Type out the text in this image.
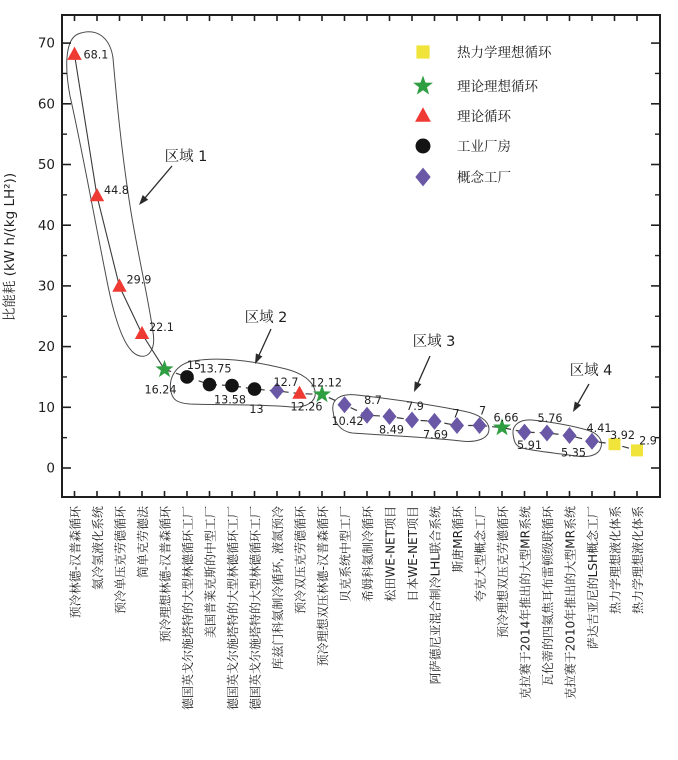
预冷林德-汉普森循环 氦冷氢液化系统 预冷单压克劳德循环 简单克劳德法 预冷理想林德-汉普森循环 德国英戈尔施塔特的大型林德循环工厂 美国普莱克斯的中型工厂 德国英戈尔施塔特的大型林德循环工厂 德国英戈尔施塔特的大型林德循环工厂 库兹门科氦制冷循环, 液氮预冷 预冷双压克劳德循环 预冷理想双压林德-汉普森循环 贝克系统中型工厂 希姆科氦制冷循环 松田WE-NET项目 日本WE-NET项目 阿萨德尼亚混合制冷LHL联合系统 斯唐MR循环 夸克大型概念工厂 预冷理想双压克劳德循环 克拉赛于2014年推出的大型MR系统 瓦伦蒂的四氦焦耳布雷顿级联循环 克拉赛于2010年推出的大型MR系统 萨达吉亚尼的LSH概念工厂 热力学理想液化体系 热力学理想液化体系
0
10
20
30
40
50
60
70
68.1
44.8
29.9
22.1
16.24
15
13.75
13.58
13
12.7
12.26
12.12
10.42
8.7
8.49
7.9
7.69
7 7
6.66
5.91
5.76
5.35
4.41
3.92 2.9
比能耗 (kW h/(kg LH²))
热力学理想循环
理论理想循环
理论循环
工业厂房
概念工厂
区域 1
区域 2
区域 3
区域 4
